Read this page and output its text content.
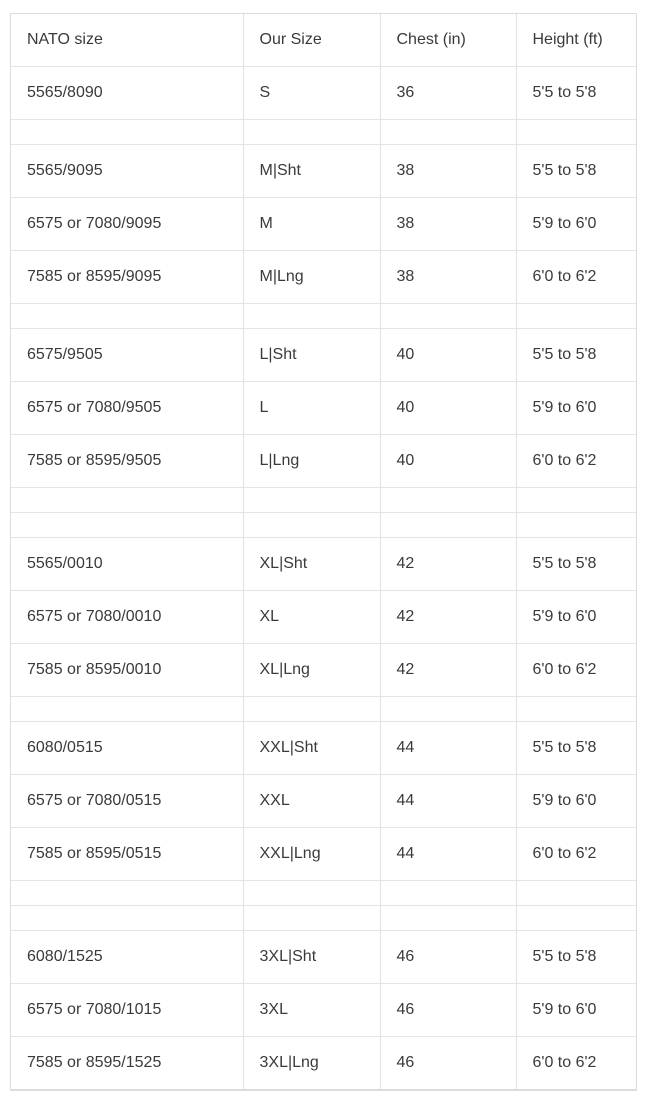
NATO size	Our Size	Chest (in)	Height (ft)
5565/8090	S	36	5'5 to 5'8

5565/9095	M|Sht	38	5'5 to 5'8
6575 or 7080/9095	M	38	5'9 to 6'0
7585 or 8595/9095	M|Lng	38	6'0 to 6'2

6575/9505	L|Sht	40	5'5 to 5'8
6575 or 7080/9505	L	40	5'9 to 6'0
7585 or 8595/9505	L|Lng	40	6'0 to 6'2

5565/0010	XL|Sht	42	5'5 to 5'8
6575 or 7080/0010	XL	42	5'9 to 6'0
7585 or 8595/0010	XL|Lng	42	6'0 to 6'2

6080/0515	XXL|Sht	44	5'5 to 5'8
6575 or 7080/0515	XXL	44	5'9 to 6'0
7585 or 8595/0515	XXL|Lng	44	6'0 to 6'2

6080/1525	3XL|Sht	46	5'5 to 5'8
6575 or 7080/1015	3XL	46	5'9 to 6'0
7585 or 8595/1525	3XL|Lng	46	6'0 to 6'2
